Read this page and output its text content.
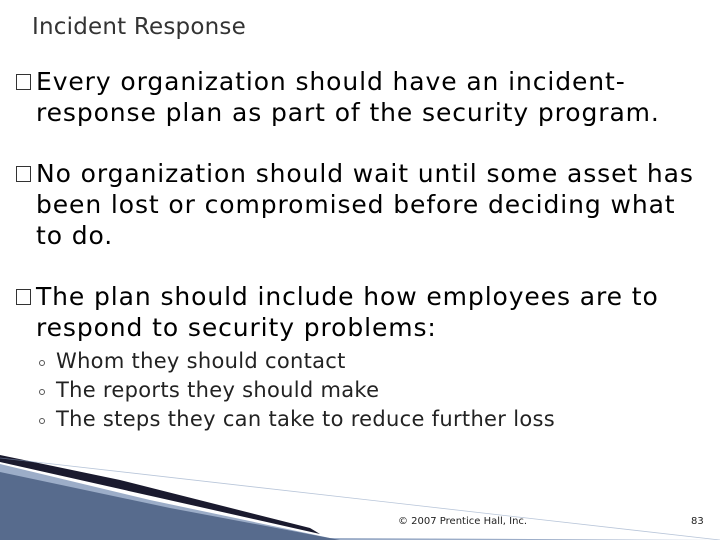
Incident Response
Every organization should have an incident-response plan as part of the security program.
No organization should wait until some asset has been lost or compromised before deciding what to do.
The plan should include how employees are to respond to security problems:
Whom they should contact
The reports they should make
The steps they can take to reduce further loss
© 2007 Prentice Hall, Inc.	83
